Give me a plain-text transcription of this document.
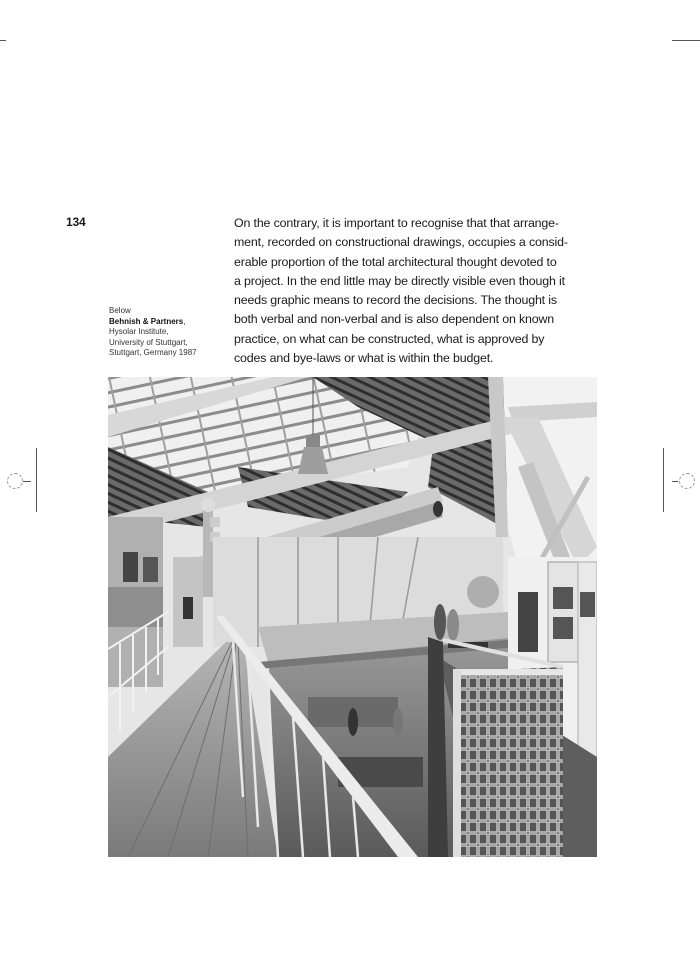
134
Below
Behnish & Partners,
Hysolar Institute,
University of Stuttgart,
Stuttgart, Germany 1987
On the contrary, it is important to recognise that that arrange-
ment, recorded on constructional drawings, occupies a consid-
erable proportion of the total architectural thought devoted to
a project. In the end little may be directly visible even though it
needs graphic means to record the decisions. The thought is
both verbal and non-verbal and is also dependent on known
practice, on what can be constructed, what is approved by
codes and bye-laws or what is within the budget.
